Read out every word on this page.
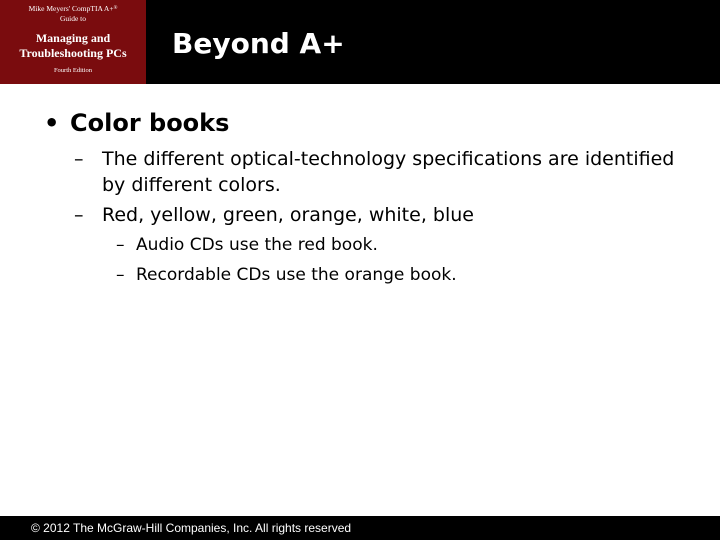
Mike Meyers' CompTIA A+®
Guide to
Managing and
Troubleshooting PCs
Fourth Edition
Beyond A+
• Color books
– The different optical-technology specifications are identified by different colors.
– Red, yellow, green, orange, white, blue
– Audio CDs use the red book.
– Recordable CDs use the orange book.
© 2012 The McGraw-Hill Companies, Inc. All rights reserved
